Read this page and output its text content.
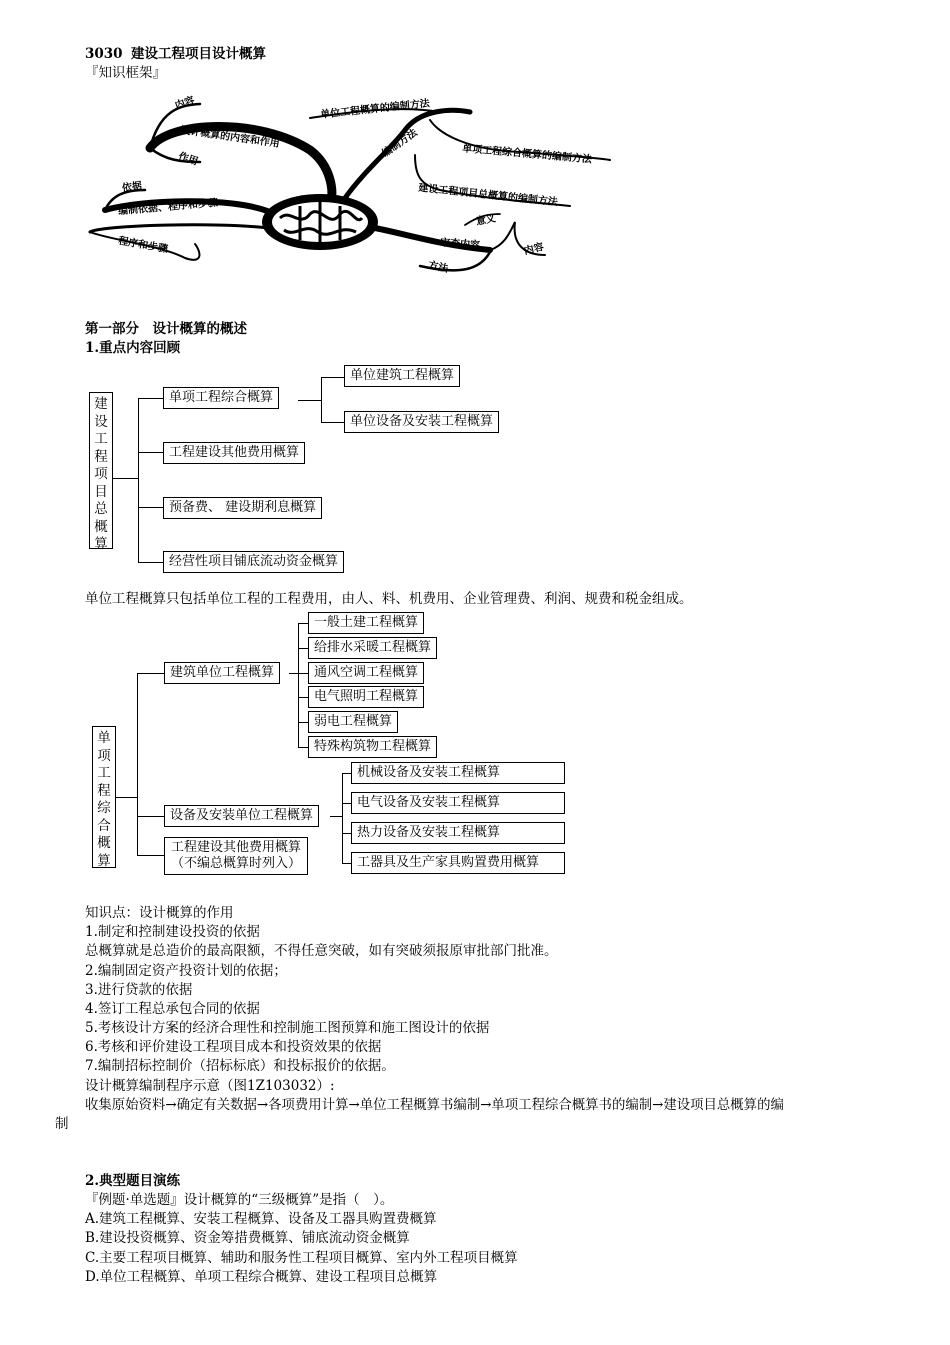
3030 建设工程项目设计概算
『知识框架』
内容
设计概算的内容和作用
作用
依据
编制依据、程序和步骤
程序和步骤
单位工程概算的编制方法
编制方法	单项工程综合概算的编制方法
建设工程项目总概算的编制方法
意义
审查内容	内容
方法
第一部分　设计概算的概述
1.重点内容回顾
建
设
工
程
项
目
总
概
算
单项工程综合概算
工程建设其他费用概算
预备费、 建设期利息概算
经营性项目铺底流动资金概算
单位建筑工程概算
单位设备及安装工程概算
单位工程概算只包括单位工程的工程费用，由人、料、机费用、企业管理费、利润、规费和税金组成。
单
项
工
程
综
合
概
算
建筑单位工程概算
一般土建工程概算
给排水采暖工程概算
通风空调工程概算
电气照明工程概算
弱电工程概算
特殊构筑物工程概算
设备及安装单位工程概算
机械设备及安装工程概算
电气设备及安装工程概算
热力设备及安装工程概算
工器具及生产家具购置费用概算
工程建设其他费用概算
（不编总概算时列入）
知识点：设计概算的作用
1.制定和控制建设投资的依据
总概算就是总造价的最高限额，不得任意突破，如有突破须报原审批部门批准。
2.编制固定资产投资计划的依据；
3.进行贷款的依据
4.签订工程总承包合同的依据
5.考核设计方案的经济合理性和控制施工图预算和施工图设计的依据
6.考核和评价建设工程项目成本和投资效果的依据
7.编制招标控制价（招标标底）和投标报价的依据。
设计概算编制程序示意（图1Z103032）:
收集原始资料→确定有关数据→各项费用计算→单位工程概算书编制→单项工程综合概算书的编制→建设项目总概算的编
制
2.典型题目演练
『例题·单选题』设计概算的“三级概算”是指（　）。
A.建筑工程概算、安装工程概算、设备及工器具购置费概算
B.建设投资概算、资金筹措费概算、铺底流动资金概算
C.主要工程项目概算、辅助和服务性工程项目概算、室内外工程项目概算
D.单位工程概算、单项工程综合概算、建设工程项目总概算
